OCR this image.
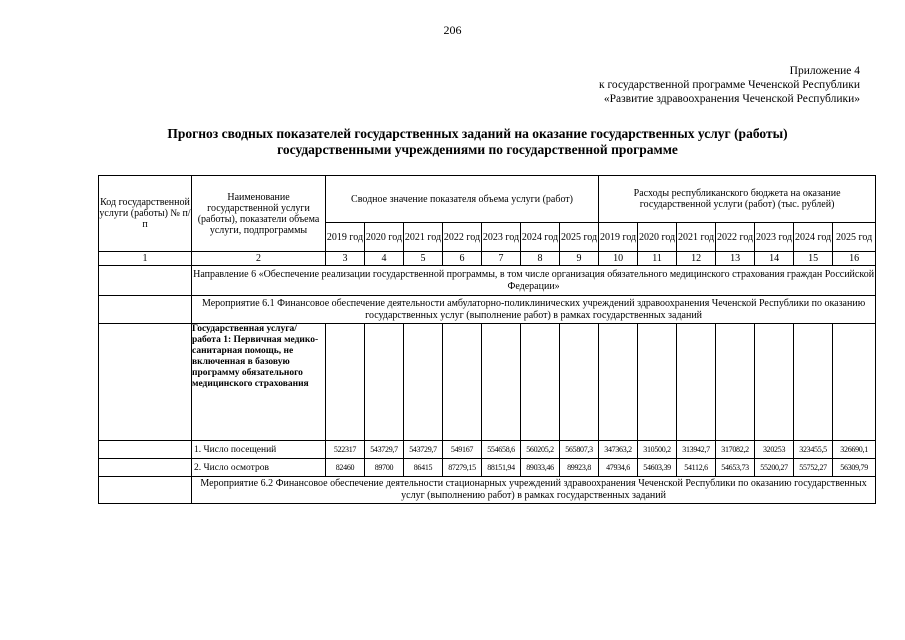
206
Приложение 4
к государственной программе Чеченской Республики
«Развитие здравоохранения Чеченской Республики»
Прогноз сводных показателей государственных заданий на оказание государственных услуг (работы)
государственными учреждениями по государственной программе
Код государственной услуги (работы) № п/п	Наименование государственной услуги (работы), показатели объема услуги, подпрограммы	Сводное значение показателя объема услуги (работ)							Расходы республиканского бюджета на оказание государственной услуги (работ) (тыс. рублей)						
		2019 год	2020 год	2021 год	2022 год	2023 год	2024 год	2025 год	2019 год	2020 год	2021 год	2022 год	2023 год	2024 год	2025 год
1	2	3	4	5	6	7	8	9	10	11	12	13	14	15	16
	Направление 6 «Обеспечение реализации государственной программы, в том числе организация обязательного медицинского страхования граждан Российской Федерации»														
	Мероприятие 6.1 Финансовое обеспечение деятельности амбулаторно-поликлинических учреждений здравоохранения Чеченской Республики по оказанию государственных услуг (выполнение работ) в рамках государственных заданий														
	Государственная услуга/работа 1: Первичная медико-санитарная помощь, не включенная в базовую программу обязательного медицинского страхования														
	1. Число посещений	522317	543729,7	543729,7	549167	554658,6	560205,2	565807,3	347363,2	310500,2	313942,7	317082,2	320253	323455,5	326690,1
	2. Число осмотров	82460	89700	86415	87279,15	88151,94	89033,46	89923,8	47934,6	54603,39	54112,6	54653,73	55200,27	55752,27	56309,79
	Мероприятие 6.2 Финансовое обеспечение деятельности стационарных учреждений здравоохранения Чеченской Республики по оказанию государственных услуг (выполнению работ) в рамках государственных заданий														
